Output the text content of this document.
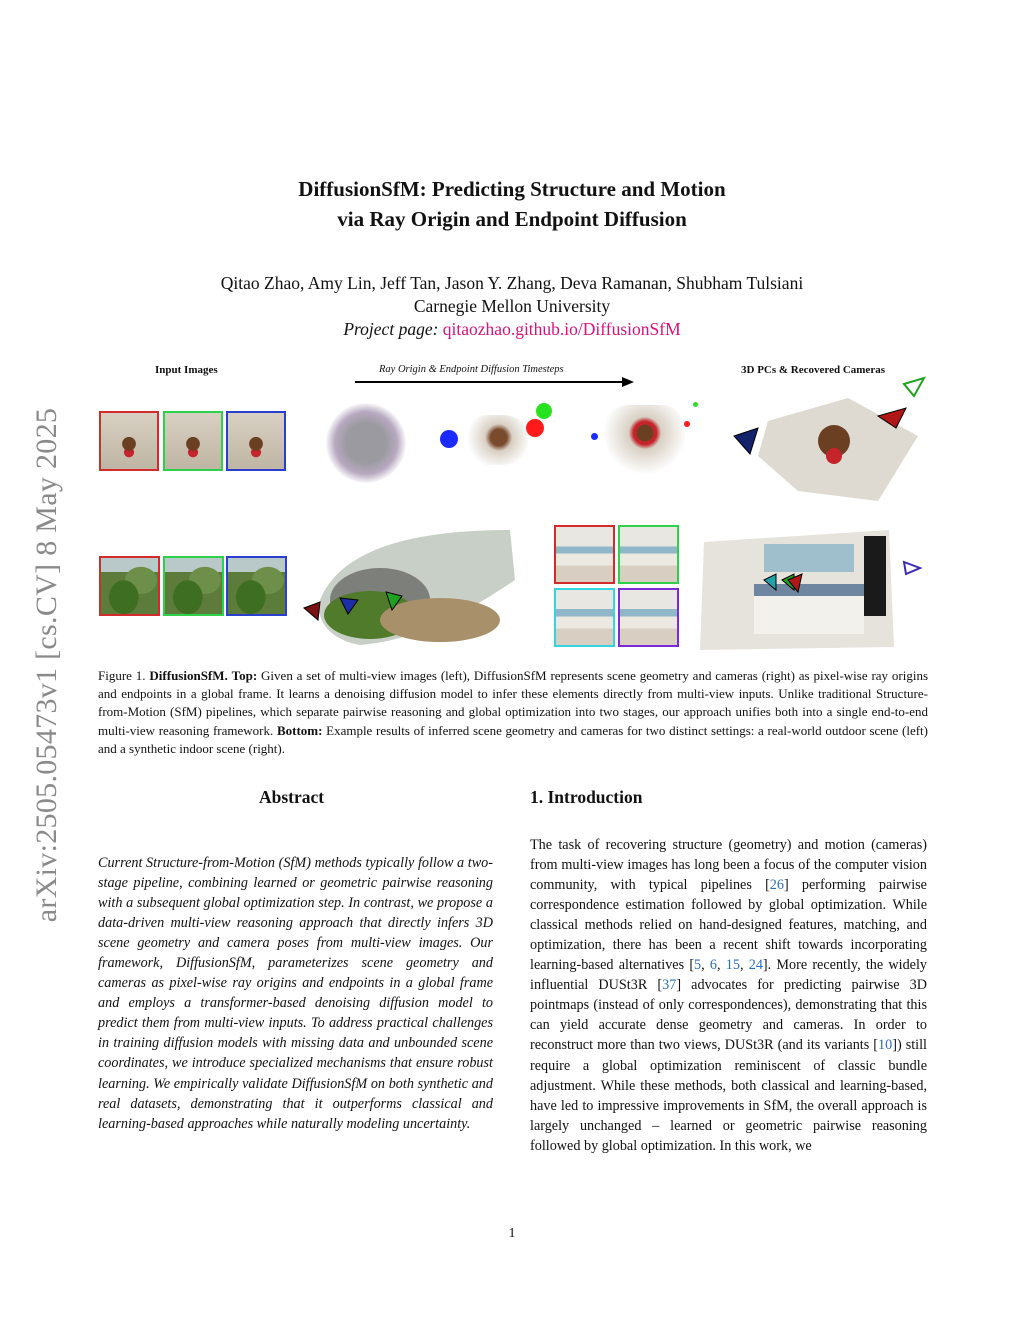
arXiv:2505.05473v1 [cs.CV] 8 May 2025
DiffusionSfM: Predicting Structure and Motion
via Ray Origin and Endpoint Diffusion
Qitao Zhao, Amy Lin, Jeff Tan, Jason Y. Zhang, Deva Ramanan, Shubham Tulsiani
Carnegie Mellon University
Project page: qitaozhao.github.io/DiffusionSfM
Input Images	Ray Origin & Endpoint Diffusion Timesteps	3D PCs & Recovered Cameras
Figure 1. DiffusionSfM. Top: Given a set of multi-view images (left), DiffusionSfM represents scene geometry and cameras (right) as pixel-wise ray origins and endpoints in a global frame. It learns a denoising diffusion model to infer these elements directly from multi-view inputs. Unlike traditional Structure-from-Motion (SfM) pipelines, which separate pairwise reasoning and global optimization into two stages, our approach unifies both into a single end-to-end multi-view reasoning framework. Bottom: Example results of inferred scene geometry and cameras for two distinct settings: a real-world outdoor scene (left) and a synthetic indoor scene (right).
Abstract
Current Structure-from-Motion (SfM) methods typically follow a two-stage pipeline, combining learned or geometric pairwise reasoning with a subsequent global optimization step. In contrast, we propose a data-driven multi-view reasoning approach that directly infers 3D scene geometry and camera poses from multi-view images. Our framework, DiffusionSfM, parameterizes scene geometry and cameras as pixel-wise ray origins and endpoints in a global frame and employs a transformer-based denoising diffusion model to predict them from multi-view inputs. To address practical challenges in training diffusion models with missing data and unbounded scene coordinates, we introduce specialized mechanisms that ensure robust learning. We empirically validate DiffusionSfM on both synthetic and real datasets, demonstrating that it outperforms classical and learning-based approaches while naturally modeling uncertainty.
1. Introduction
The task of recovering structure (geometry) and motion (cameras) from multi-view images has long been a focus of the computer vision community, with typical pipelines [26] performing pairwise correspondence estimation followed by global optimization. While classical methods relied on hand-designed features, matching, and optimization, there has been a recent shift towards incorporating learning-based alternatives [5, 6, 15, 24]. More recently, the widely influential DUSt3R [37] advocates for predicting pairwise 3D pointmaps (instead of only correspondences), demonstrating that this can yield accurate dense geometry and cameras. In order to reconstruct more than two views, DUSt3R (and its variants [10]) still require a global optimization reminiscent of classic bundle adjustment. While these methods, both classical and learning-based, have led to impressive improvements in SfM, the overall approach is largely unchanged – learned or geometric pairwise reasoning followed by global optimization. In this work, we
1
